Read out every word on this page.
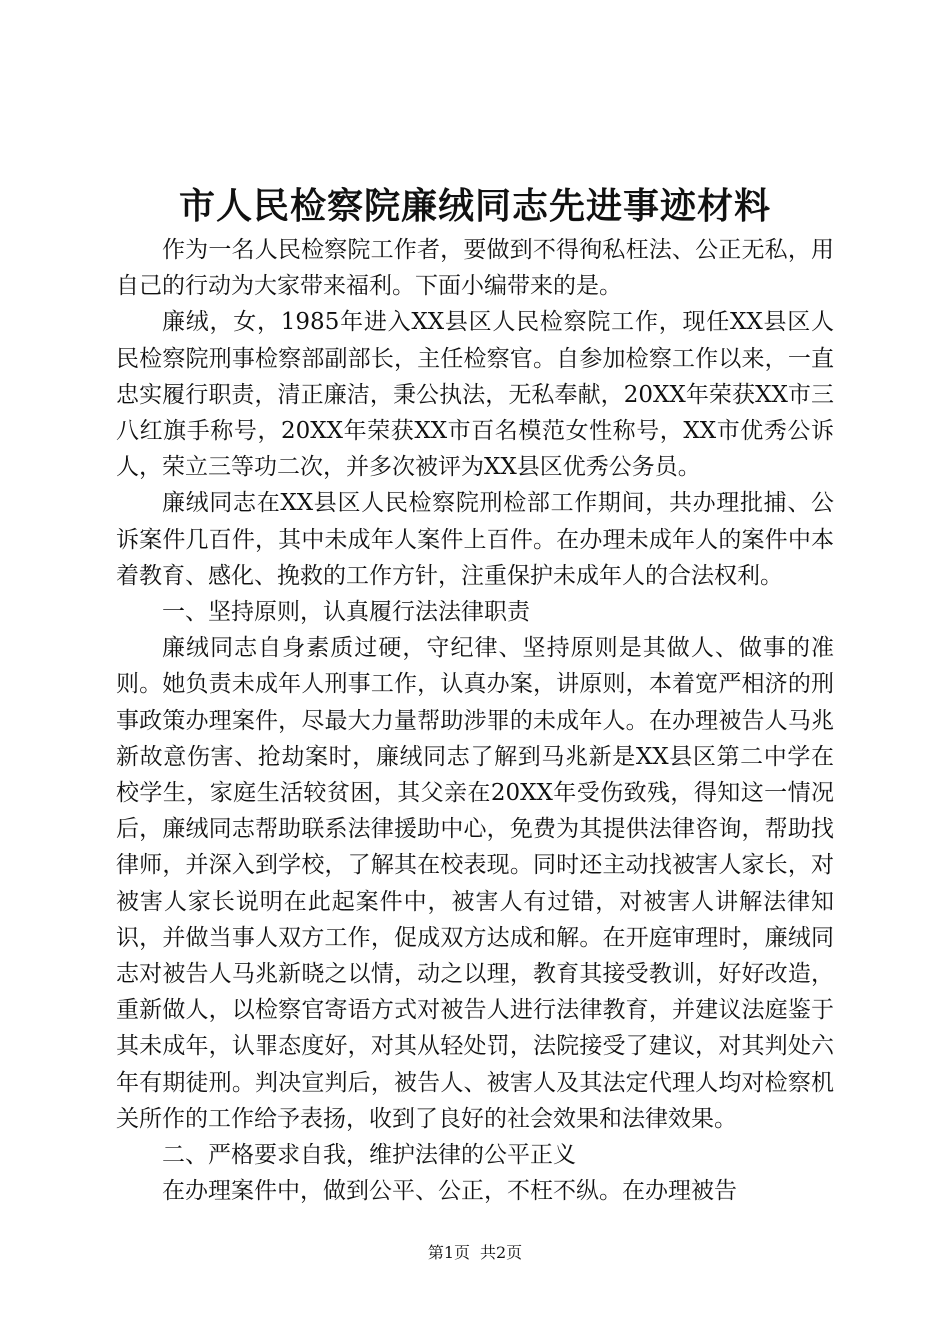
市人民检察院廉绒同志先进事迹材料

作为一名人民检察院工作者，要做到不得徇私枉法、公正无私，用自己的行动为大家带来福利。下面小编带来的是。

廉绒，女，1985年进入XX县区人民检察院工作，现任XX县区人民检察院刑事检察部副部长，主任检察官。自参加检察工作以来，一直忠实履行职责，清正廉洁，秉公执法，无私奉献，20XX年荣获XX市三八红旗手称号，20XX年荣获XX市百名模范女性称号，XX市优秀公诉人，荣立三等功二次，并多次被评为XX县区优秀公务员。

廉绒同志在XX县区人民检察院刑检部工作期间，共办理批捕、公诉案件几百件，其中未成年人案件上百件。在办理未成年人的案件中本着教育、感化、挽救的工作方针，注重保护未成年人的合法权利。

一、坚持原则，认真履行法法律职责

廉绒同志自身素质过硬，守纪律、坚持原则是其做人、做事的准则。她负责未成年人刑事工作，认真办案，讲原则，本着宽严相济的刑事政策办理案件，尽最大力量帮助涉罪的未成年人。在办理被告人马兆新故意伤害、抢劫案时，廉绒同志了解到马兆新是XX县区第二中学在校学生，家庭生活较贫困，其父亲在20XX年受伤致残，得知这一情况后，廉绒同志帮助联系法律援助中心，免费为其提供法律咨询，帮助找律师，并深入到学校，了解其在校表现。同时还主动找被害人家长，对被害人家长说明在此起案件中，被害人有过错，对被害人讲解法律知识，并做当事人双方工作，促成双方达成和解。在开庭审理时，廉绒同志对被告人马兆新晓之以情，动之以理，教育其接受教训，好好改造，重新做人，以检察官寄语方式对被告人进行法律教育，并建议法庭鉴于其未成年，认罪态度好，对其从轻处罚，法院接受了建议，对其判处六年有期徒刑。判决宣判后，被告人、被害人及其法定代理人均对检察机关所作的工作给予表扬，收到了良好的社会效果和法律效果。

二、严格要求自我，维护法律的公平正义

在办理案件中，做到公平、公正，不枉不纵。在办理被告

第1页 共2页
